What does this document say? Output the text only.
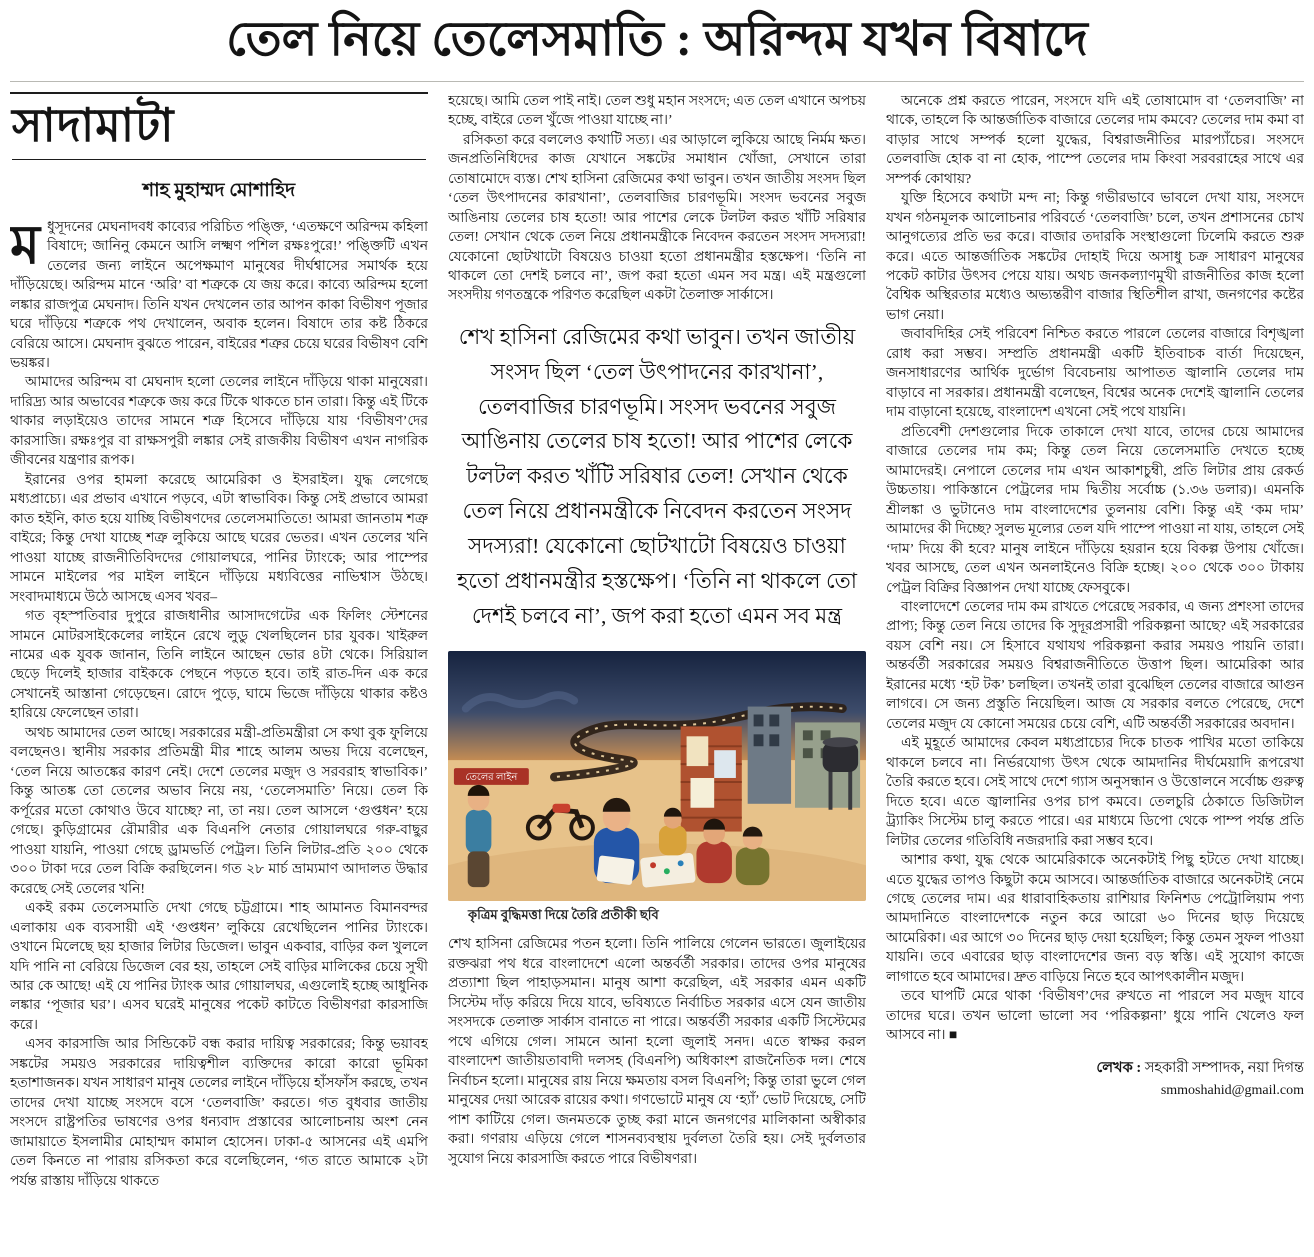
তেল নিয়ে তেলেসমাতি : অরিন্দম যখন বিষাদে
সাদামাটা
শাহ মুহাম্মদ মোশাহিদ

মধুসূদনের মেঘনাদবধ কাব্যের পরিচিত পঙ্ক্তি, ‘এতক্ষণে অরিন্দম কহিলা বিষাদে; জানিনু কেমনে আসি লক্ষ্মণ পশিল রক্ষঃপুরে!’ পঙ্ক্তিটি এখন তেলের জন্য লাইনে অপেক্ষমাণ মানুষের দীর্ঘশ্বাসের সমার্থক হয়ে দাঁড়িয়েছে। অরিন্দম মানে ‘অরি’ বা শত্রুকে যে জয় করে। কাব্যে অরিন্দম হলো লঙ্কার রাজপুত্র মেঘনাদ। তিনি যখন দেখলেন তার আপন কাকা বিভীষণ পূজার ঘরে দাঁড়িয়ে শত্রুকে পথ দেখালেন, অবাক হলেন। বিষাদে তার কষ্ট ঠিকরে বেরিয়ে আসে। মেঘনাদ বুঝতে পারেন, বাইরের শত্রুর চেয়ে ঘরের বিভীষণ বেশি ভয়ঙ্কর।

আমাদের অরিন্দম বা মেঘনাদ হলো তেলের লাইনে দাঁড়িয়ে থাকা মানুষেরা। দারিদ্র্য আর অভাবের শত্রুকে জয় করে টিকে থাকতে চান তারা। কিন্তু এই টিকে থাকার লড়াইয়েও তাদের সামনে শত্রু হিসেবে দাঁড়িয়ে যায় ‘বিভীষণ’দের কারসাজি। রক্ষঃপুর বা রাক্ষসপুরী লঙ্কার সেই রাজকীয় বিভীষণ এখন নাগরিক জীবনের যন্ত্রণার রূপক।

ইরানের ওপর হামলা করেছে আমেরিকা ও ইসরাইল। যুদ্ধ লেগেছে মধ্যপ্রাচ্যে। এর প্রভাব এখানে পড়বে, এটা স্বাভাবিক। কিন্তু সেই প্রভাবে আমরা কাত হইনি, কাত হয়ে যাচ্ছি বিভীষণদের তেলেসমাতিতে! আমরা জানতাম শত্রু বাইরে; কিন্তু দেখা যাচ্ছে শত্রু লুকিয়ে আছে ঘরের ভেতর। এখন তেলের খনি পাওয়া যাচ্ছে রাজনীতিবিদদের গোয়ালঘরে, পানির ট্যাংকে; আর পাম্পের সামনে মাইলের পর মাইল লাইনে দাঁড়িয়ে মধ্যবিত্তের নাভিশ্বাস উঠছে। সংবাদমাধ্যমে উঠে আসছে এসব খবর–

গত বৃহস্পতিবার দুপুরে রাজধানীর আসাদগেটের এক ফিলিং স্টেশনের সামনে মোটরসাইকেলের লাইনে রেখে লুডু খেলছিলেন চার যুবক। খাইরুল নামের এক যুবক জানান, তিনি লাইনে আছেন ভোর ৪টা থেকে। সিরিয়াল ছেড়ে দিলেই হাজার বাইককে পেছনে পড়তে হবে। তাই রাত-দিন এক করে সেখানেই আস্তানা গেড়েছেন। রোদে পুড়ে, ঘামে ভিজে দাঁড়িয়ে থাকার কষ্টও হারিয়ে ফেলেছেন তারা।

অথচ আমাদের তেল আছে। সরকারের মন্ত্রী-প্রতিমন্ত্রীরা সে কথা বুক ফুলিয়ে বলছেনও। স্থানীয় সরকার প্রতিমন্ত্রী মীর শাহে আলম অভয় দিয়ে বলেছেন, ‘তেল নিয়ে আতঙ্কের কারণ নেই। দেশে তেলের মজুদ ও সরবরাহ স্বাভাবিক।’ কিন্তু আতঙ্ক তো তেলের অভাব নিয়ে নয়, ‘তেলেসমাতি’ নিয়ে। তেল কি কর্পূরের মতো কোথাও উবে যাচ্ছে? না, তা নয়। তেল আসলে ‘গুপ্তধন’ হয়ে গেছে। কুড়িগ্রামের রৌমারীর এক বিএনপি নেতার গোয়ালঘরে গরু-বাছুর পাওয়া যায়নি, পাওয়া গেছে ড্রামভর্তি পেট্রল। তিনি লিটার-প্রতি ২০০ থেকে ৩০০ টাকা দরে তেল বিক্রি করছিলেন। গত ২৮ মার্চ ভ্রাম্যমাণ আদালত উদ্ধার করেছে সেই তেলের খনি!

একই রকম তেলেসমাতি দেখা গেছে চট্টগ্রামে। শাহ আমানত বিমানবন্দর এলাকায় এক ব্যবসায়ী এই ‘গুপ্তধন’ লুকিয়ে রেখেছিলেন পানির ট্যাংকে। ওখানে মিলেছে ছয় হাজার লিটার ডিজেল। ভাবুন একবার, বাড়ির কল খুললে যদি পানি না বেরিয়ে ডিজেল বের হয়, তাহলে সেই বাড়ির মালিকের চেয়ে সুখী আর কে আছে! এই যে পানির ট্যাংক আর গোয়ালঘর, এগুলোই হচ্ছে আধুনিক লঙ্কার ‘পূজার ঘর’। এসব ঘরেই মানুষের পকেট কাটতে বিভীষণরা কারসাজি করে।

এসব কারসাজি আর সিন্ডিকেট বন্ধ করার দায়িত্ব সরকারের; কিন্তু ভয়াবহ সঙ্কটের সময়ও সরকারের দায়িত্বশীল ব্যক্তিদের কারো কারো ভূমিকা হতাশাজনক। যখন সাধারণ মানুষ তেলের লাইনে দাঁড়িয়ে হাঁসফাঁস করছে, তখন তাদের দেখা যাচ্ছে সংসদে বসে ‘তেলবাজি’ করতে। গত বুধবার জাতীয় সংসদে রাষ্ট্রপতির ভাষণের ওপর ধন্যবাদ প্রস্তাবের আলোচনায় অংশ নেন জামায়াতে ইসলামীর মোহাম্মদ কামাল হোসেন। ঢাকা-৫ আসনের এই এমপি তেল কিনতে না পারায় রসিকতা করে বলেছিলেন, ‘গত রাতে আমাকে ২টা পর্যন্ত রাস্তায় দাঁড়িয়ে থাকতে

হয়েছে। আমি তেল পাই নাই। তেল শুধু মহান সংসদে; এত তেল এখানে অপচয় হচ্ছে, বাইরে তেল খুঁজে পাওয়া যাচ্ছে না।’

রসিকতা করে বললেও কথাটি সত্য। এর আড়ালে লুকিয়ে আছে নির্মম ক্ষত। জনপ্রতিনিধিদের কাজ যেখানে সঙ্কটের সমাধান খোঁজা, সেখানে তারা তোষামোদে ব্যস্ত। শেখ হাসিনা রেজিমের কথা ভাবুন। তখন জাতীয় সংসদ ছিল ‘তেল উৎপাদনের কারখানা’, তেলবাজির চারণভূমি। সংসদ ভবনের সবুজ আঙিনায় তেলের চাষ হতো! আর পাশের লেকে টলটল করত খাঁটি সরিষার তেল! সেখান থেকে তেল নিয়ে প্রধানমন্ত্রীকে নিবেদন করতেন সংসদ সদস্যরা! যেকোনো ছোটখাটো বিষয়েও চাওয়া হতো প্রধানমন্ত্রীর হস্তক্ষেপ। ‘তিনি না থাকলে তো দেশই চলবে না’, জপ করা হতো এমন সব মন্ত্র। এই মন্ত্রগুলো সংসদীয় গণতন্ত্রকে পরিণত করেছিল একটা তৈলাক্ত সার্কাসে।

শেখ হাসিনা রেজিমের কথা ভাবুন। তখন জাতীয় সংসদ ছিল ‘তেল উৎপাদনের কারখানা’, তেলবাজির চারণভূমি। সংসদ ভবনের সবুজ আঙিনায় তেলের চাষ হতো! আর পাশের লেকে টলটল করত খাঁটি সরিষার তেল! সেখান থেকে তেল নিয়ে প্রধানমন্ত্রীকে নিবেদন করতেন সংসদ সদস্যরা! যেকোনো ছোটখাটো বিষয়েও চাওয়া হতো প্রধানমন্ত্রীর হস্তক্ষেপ। ‘তিনি না থাকলে তো দেশই চলবে না’, জপ করা হতো এমন সব মন্ত্র
তেলের লাইন
কৃত্রিম বুদ্ধিমত্তা দিয়ে তৈরি প্রতীকী ছবি

শেখ হাসিনা রেজিমের পতন হলো। তিনি পালিয়ে গেলেন ভারতে। জুলাইয়ের রক্তঝরা পথ ধরে বাংলাদেশে এলো অন্তর্বর্তী সরকার। তাদের ওপর মানুষের প্রত্যাশা ছিল পাহাড়সমান। মানুষ আশা করেছিল, এই সরকার এমন একটি সিস্টেম দাঁড় করিয়ে দিয়ে যাবে, ভবিষ্যতে নির্বাচিত সরকার এসে যেন জাতীয় সংসদকে তেলাক্ত সার্কাস বানাতে না পারে। অন্তর্বর্তী সরকার একটি সিস্টেমের পথে এগিয়ে গেল। সামনে আনা হলো জুলাই সনদ। এতে স্বাক্ষর করল বাংলাদেশ জাতীয়তাবাদী দলসহ (বিএনপি) অধিকাংশ রাজনৈতিক দল। শেষে নির্বাচন হলো। মানুষের রায় নিয়ে ক্ষমতায় বসল বিএনপি; কিন্তু তারা ভুলে গেল মানুষের দেয়া আরেক রায়ের কথা। গণভোটে মানুষ যে ‘হ্যাঁ’ ভোট দিয়েছে, সেটি পাশ কাটিয়ে গেল। জনমতকে তুচ্ছ করা মানে জনগণের মালিকানা অস্বীকার করা। গণরায় এড়িয়ে গেলে শাসনব্যবস্থায় দুর্বলতা তৈরি হয়। সেই দুর্বলতার সুযোগ নিয়ে কারসাজি করতে পারে বিভীষণরা।

অনেকে প্রশ্ন করতে পারেন, সংসদে যদি এই তোষামোদ বা ‘তেলবাজি’ না থাকে, তাহলে কি আন্তর্জাতিক বাজারে তেলের দাম কমবে? তেলের দাম কমা বা বাড়ার সাথে সম্পর্ক হলো যুদ্ধের, বিশ্বরাজনীতির মারপ্যাঁচের। সংসদে তেলবাজি হোক বা না হোক, পাম্পে তেলের দাম কিংবা সরবরাহের সাথে এর সম্পর্ক কোথায়?

যুক্তি হিসেবে কথাটা মন্দ না; কিন্তু গভীরভাবে ভাবলে দেখা যায়, সংসদে যখন গঠনমূলক আলোচনার পরিবর্তে ‘তেলবাজি’ চলে, তখন প্রশাসনের চোখ আনুগত্যের প্রতি ভর করে। বাজার তদারকি সংস্থাগুলো ঢিলেমি করতে শুরু করে। এতে আন্তর্জাতিক সঙ্কটের দোহাই দিয়ে অসাধু চক্র সাধারণ মানুষের পকেট কাটার উৎসব পেয়ে যায়। অথচ জনকল্যাণমুখী রাজনীতির কাজ হলো বৈশ্বিক অস্থিরতার মধ্যেও অভ্যন্তরীণ বাজার স্থিতিশীল রাখা, জনগণের কষ্টের ভাগ নেয়া।

জবাবদিহির সেই পরিবেশ নিশ্চিত করতে পারলে তেলের বাজারে বিশৃঙ্খলা রোধ করা সম্ভব। সম্প্রতি প্রধানমন্ত্রী একটি ইতিবাচক বার্তা দিয়েছেন, জনসাধারণের আর্থিক দুর্ভোগ বিবেচনায় আপাতত জ্বালানি তেলের দাম বাড়াবে না সরকার। প্রধানমন্ত্রী বলেছেন, বিশ্বের অনেক দেশেই জ্বালানি তেলের দাম বাড়ানো হয়েছে, বাংলাদেশ এখনো সেই পথে যায়নি।

প্রতিবেশী দেশগুলোর দিকে তাকালে দেখা যাবে, তাদের চেয়ে আমাদের বাজারে তেলের দাম কম; কিন্তু তেল নিয়ে তেলেসমাতি দেখতে হচ্ছে আমাদেরই। নেপালে তেলের দাম এখন আকাশচুম্বী, প্রতি লিটার প্রায় রেকর্ড উচ্চতায়। পাকিস্তানে পেট্রলের দাম দ্বিতীয় সর্বোচ্চ (১.৩৬ ডলার)। এমনকি শ্রীলঙ্কা ও ভুটানেও দাম বাংলাদেশের তুলনায় বেশি। কিন্তু এই ‘কম দাম’ আমাদের কী দিচ্ছে? সুলভ মূল্যের তেল যদি পাম্পে পাওয়া না যায়, তাহলে সেই ‘দাম’ দিয়ে কী হবে? মানুষ লাইনে দাঁড়িয়ে হয়রান হয়ে বিকল্প উপায় খোঁজে। খবর আসছে, তেল এখন অনলাইনেও বিক্রি হচ্ছে। ২০০ থেকে ৩০০ টাকায় পেট্রল বিক্রির বিজ্ঞাপন দেখা যাচ্ছে ফেসবুকে।

বাংলাদেশে তেলের দাম কম রাখতে পেরেছে সরকার, এ জন্য প্রশংসা তাদের প্রাপ্য; কিন্তু তেল নিয়ে তাদের কি সুদূরপ্রসারী পরিকল্পনা আছে? এই সরকারের বয়স বেশি নয়। সে হিসাবে যথাযথ পরিকল্পনা করার সময়ও পায়নি তারা। অন্তর্বর্তী সরকারের সময়ও বিশ্বরাজনীতিতে উত্তাপ ছিল। আমেরিকা আর ইরানের মধ্যে ‘হট টক’ চলছিল। তখনই তারা বুঝেছিল তেলের বাজারে আগুন লাগবে। সে জন্য প্রস্তুতি নিয়েছিল। আজ যে সরকার বলতে পেরেছে, দেশে তেলের মজুদ যে কোনো সময়ের চেয়ে বেশি, এটি অন্তর্বর্তী সরকারের অবদান।

এই মুহূর্তে আমাদের কেবল মধ্যপ্রাচ্যের দিকে চাতক পাখির মতো তাকিয়ে থাকলে চলবে না। নির্ভরযোগ্য উৎস থেকে আমদানির দীর্ঘমেয়াদি রূপরেখা তৈরি করতে হবে। সেই সাথে দেশে গ্যাস অনুসন্ধান ও উত্তোলনে সর্বোচ্চ গুরুত্ব দিতে হবে। এতে জ্বালানির ওপর চাপ কমবে। তেলচুরি ঠেকাতে ডিজিটাল ট্র্যাকিং সিস্টেম চালু করতে পারে। এর মাধ্যমে ডিপো থেকে পাম্প পর্যন্ত প্রতি লিটার তেলের গতিবিধি নজরদারি করা সম্ভব হবে।

আশার কথা, যুদ্ধ থেকে আমেরিকাকে অনেকটাই পিছু হটতে দেখা যাচ্ছে। এতে যুদ্ধের তাপও কিছুটা কমে আসবে। আন্তর্জাতিক বাজারে অনেকটাই নেমে গেছে তেলের দাম। এর ধারাবাহিকতায় রাশিয়ার ফিনিশড পেট্রোলিয়াম পণ্য আমদানিতে বাংলাদেশকে নতুন করে আরো ৬০ দিনের ছাড় দিয়েছে আমেরিকা। এর আগে ৩০ দিনের ছাড় দেয়া হয়েছিল; কিন্তু তেমন সুফল পাওয়া যায়নি। তবে এবারের ছাড় বাংলাদেশের জন্য বড় স্বস্তি। এই সুযোগ কাজে লাগাতে হবে আমাদের। দ্রুত বাড়িয়ে নিতে হবে আপৎকালীন মজুদ।

তবে ঘাপটি মেরে থাকা ‘বিভীষণ’দের রুখতে না পারলে সব মজুদ যাবে তাদের ঘরে। তখন ভালো ভালো সব ‘পরিকল্পনা’ ধুয়ে পানি খেলেও ফল আসবে না। ■

লেখক : সহকারী সম্পাদক, নয়া দিগন্ত
smmoshahid@gmail.com
